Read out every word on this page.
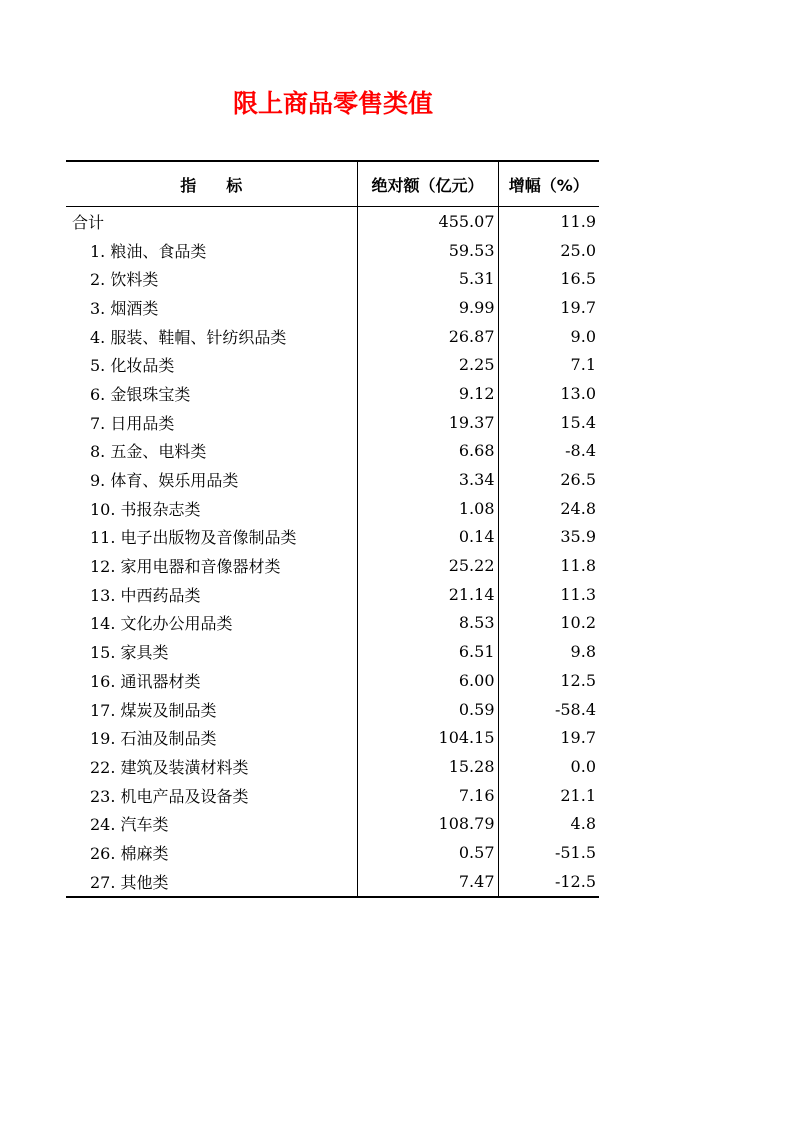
限上商品零售类值
指 标	绝对额（亿元）	增幅（%）
合计	455.07	11.9
1. 粮油、食品类	59.53	25.0
2. 饮料类	5.31	16.5
3. 烟酒类	9.99	19.7
4. 服装、鞋帽、针纺织品类	26.87	9.0
5. 化妆品类	2.25	7.1
6. 金银珠宝类	9.12	13.0
7. 日用品类	19.37	15.4
8. 五金、电料类	6.68	-8.4
9. 体育、娱乐用品类	3.34	26.5
10. 书报杂志类	1.08	24.8
11. 电子出版物及音像制品类	0.14	35.9
12. 家用电器和音像器材类	25.22	11.8
13. 中西药品类	21.14	11.3
14. 文化办公用品类	8.53	10.2
15. 家具类	6.51	9.8
16. 通讯器材类	6.00	12.5
17. 煤炭及制品类	0.59	-58.4
19. 石油及制品类	104.15	19.7
22. 建筑及装潢材料类	15.28	0.0
23. 机电产品及设备类	7.16	21.1
24. 汽车类	108.79	4.8
26. 棉麻类	0.57	-51.5
27. 其他类	7.47	-12.5
